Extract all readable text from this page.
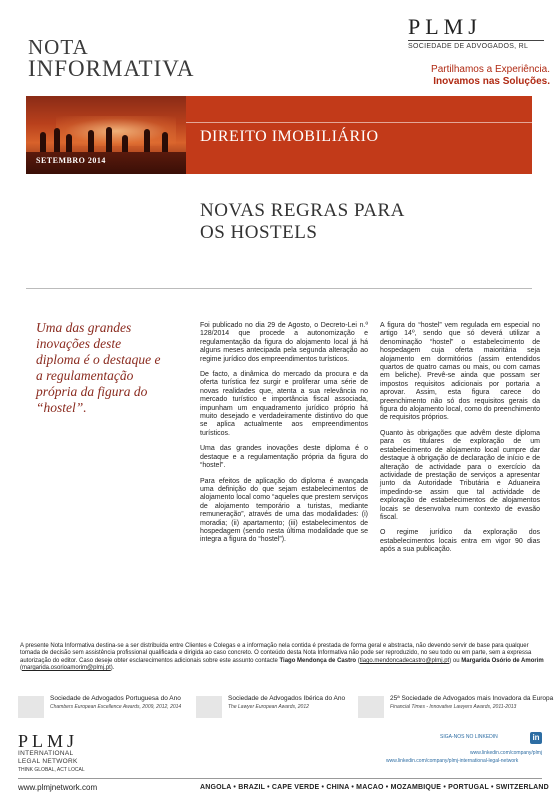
NOTA
INFORMATIVA
PLMJ
SOCIEDADE DE ADVOGADOS, RL
Partilhamos a Experiência.
Inovamos nas Soluções.
DIREITO IMOBILIÁRIO
SETEMBRO 2014
NOVAS REGRAS PARA
OS HOSTELS
Uma das grandes inovações deste diploma é o destaque e a regulamentação própria da figura do “hostel”.

Foi publicado no dia 29 de Agosto, o Decreto-Lei n.º 128/2014 que procede a autonomização e regulamentação da figura do alojamento local já há alguns meses antecipada pela segunda alteração ao regime jurídico dos empreendimentos turísticos.

De facto, a dinâmica do mercado da procura e da oferta turística fez surgir e proliferar uma série de novas realidades que, atenta a sua relevância no mercado turístico e importância fiscal associada, impunham um enquadramento jurídico próprio há muito desejado e verdadeiramente distintivo do que se aplica actualmente aos empreendimentos turísticos.

Uma das grandes inovações deste diploma é o destaque e a regulamentação própria da figura do “hostel”.

Para efeitos de aplicação do diploma é avançada uma definição do que sejam estabelecimentos de alojamento local como “aqueles que prestem serviços de alojamento temporário a turistas, mediante remuneração”, através de uma das modalidades: (i) moradia; (ii) apartamento; (iii) estabelecimentos de hospedagem (sendo nesta última modalidade que se integra a figura do “hostel”).

A figura do “hostel” vem regulada em especial no artigo 14º, sendo que só deverá utilizar a denominação “hostel” o estabelecimento de hospedagem cuja oferta maioritária seja alojamento em dormitórios (assim entendidos quartos de quatro camas ou mais, ou com camas em beliche). Prevê-se ainda que possam ser impostos requisitos adicionais por portaria a aprovar. Assim, esta figura carece do preenchimento não só dos requisitos gerais da figura do alojamento local, como do preenchimento de requisitos próprios.

Quanto às obrigações que advêm deste diploma para os titulares de exploração de um estabelecimento de alojamento local cumpre dar destaque à obrigação de declaração de início e de alteração de actividade para o exercício da actividade de prestação de serviços a apresentar junto da Autoridade Tributária e Aduaneira impedindo-se assim que tal actividade de exploração de estabelecimentos de alojamentos locais se desenvolva num contexto de evasão fiscal.

O regime jurídico da exploração dos estabelecimentos locais entra em vigor 90 dias após a sua publicação.

A presente Nota Informativa destina-se a ser distribuída entre Clientes e Colegas e a informação nela contida é prestada de forma geral e abstracta, não devendo servir de base para qualquer tomada de decisão sem assistência profissional qualificada e dirigida ao caso concreto. O conteúdo desta Nota Informativa não pode ser reproduzido, no seu todo ou em parte, sem a expressa autorização do editor. Caso deseje obter esclarecimentos adicionais sobre este assunto contacte Tiago Mendonça de Castro (tiago.mendoncadecastro@plmj.pt) ou Margarida Osório de Amorim (margarida.osorioamorim@plmj.pt).
Sociedade de Advogados Portuguesa do Ano
Chambers European Excellence Awards, 2009, 2012, 2014
Sociedade de Advogados Ibérica do Ano
The Lawyer European Awards, 2012
25ª Sociedade de Advogados mais Inovadora da Europa
Financial Times - Innovative Lawyers Awards, 2011-2013
PLMJ
INTERNATIONAL
LEGAL NETWORK
THINK GLOBAL, ACT LOCAL
SIGA-NOS NO LINKEDIN	in
www.linkedin.com/company/plmj
www.linkedin.com/company/plmj-international-legal-network
www.plmjnetwork.com	ANGOLA • BRAZIL • CAPE VERDE • CHINA • MACAO • MOZAMBIQUE • PORTUGAL • SWITZERLAND
